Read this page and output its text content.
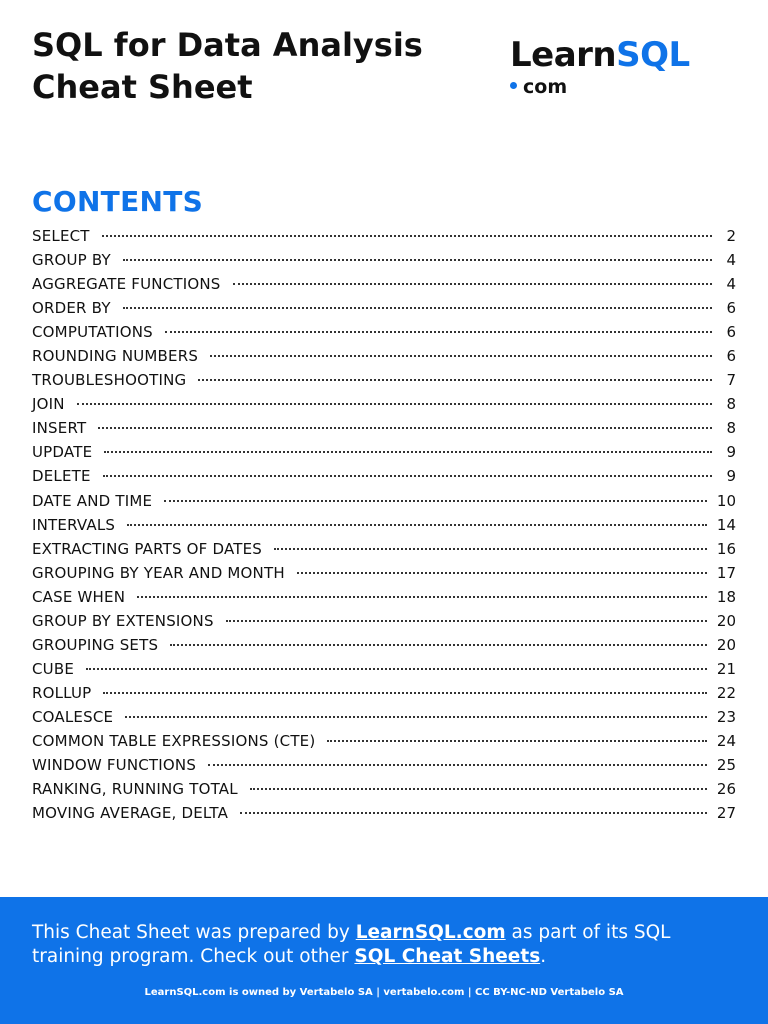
SQL for Data Analysis
Cheat Sheet
LearnSQL
com
CONTENTS
SELECT	2
GROUP BY	4
AGGREGATE FUNCTIONS	4
ORDER BY	6
COMPUTATIONS	6
ROUNDING NUMBERS	6
TROUBLESHOOTING	7
JOIN	8
INSERT	8
UPDATE	9
DELETE	9
DATE AND TIME	10
INTERVALS	14
EXTRACTING PARTS OF DATES	16
GROUPING BY YEAR AND MONTH	17
CASE WHEN	18
GROUP BY EXTENSIONS	20
GROUPING SETS	20
CUBE	21
ROLLUP	22
COALESCE	23
COMMON TABLE EXPRESSIONS (CTE)	24
WINDOW FUNCTIONS	25
RANKING, RUNNING TOTAL	26
MOVING AVERAGE, DELTA	27

This Cheat Sheet was prepared by LearnSQL.com as part of its SQL training program. Check out other SQL Cheat Sheets.

LearnSQL.com is owned by Vertabelo SA | vertabelo.com | CC BY-NC-ND Vertabelo SA
